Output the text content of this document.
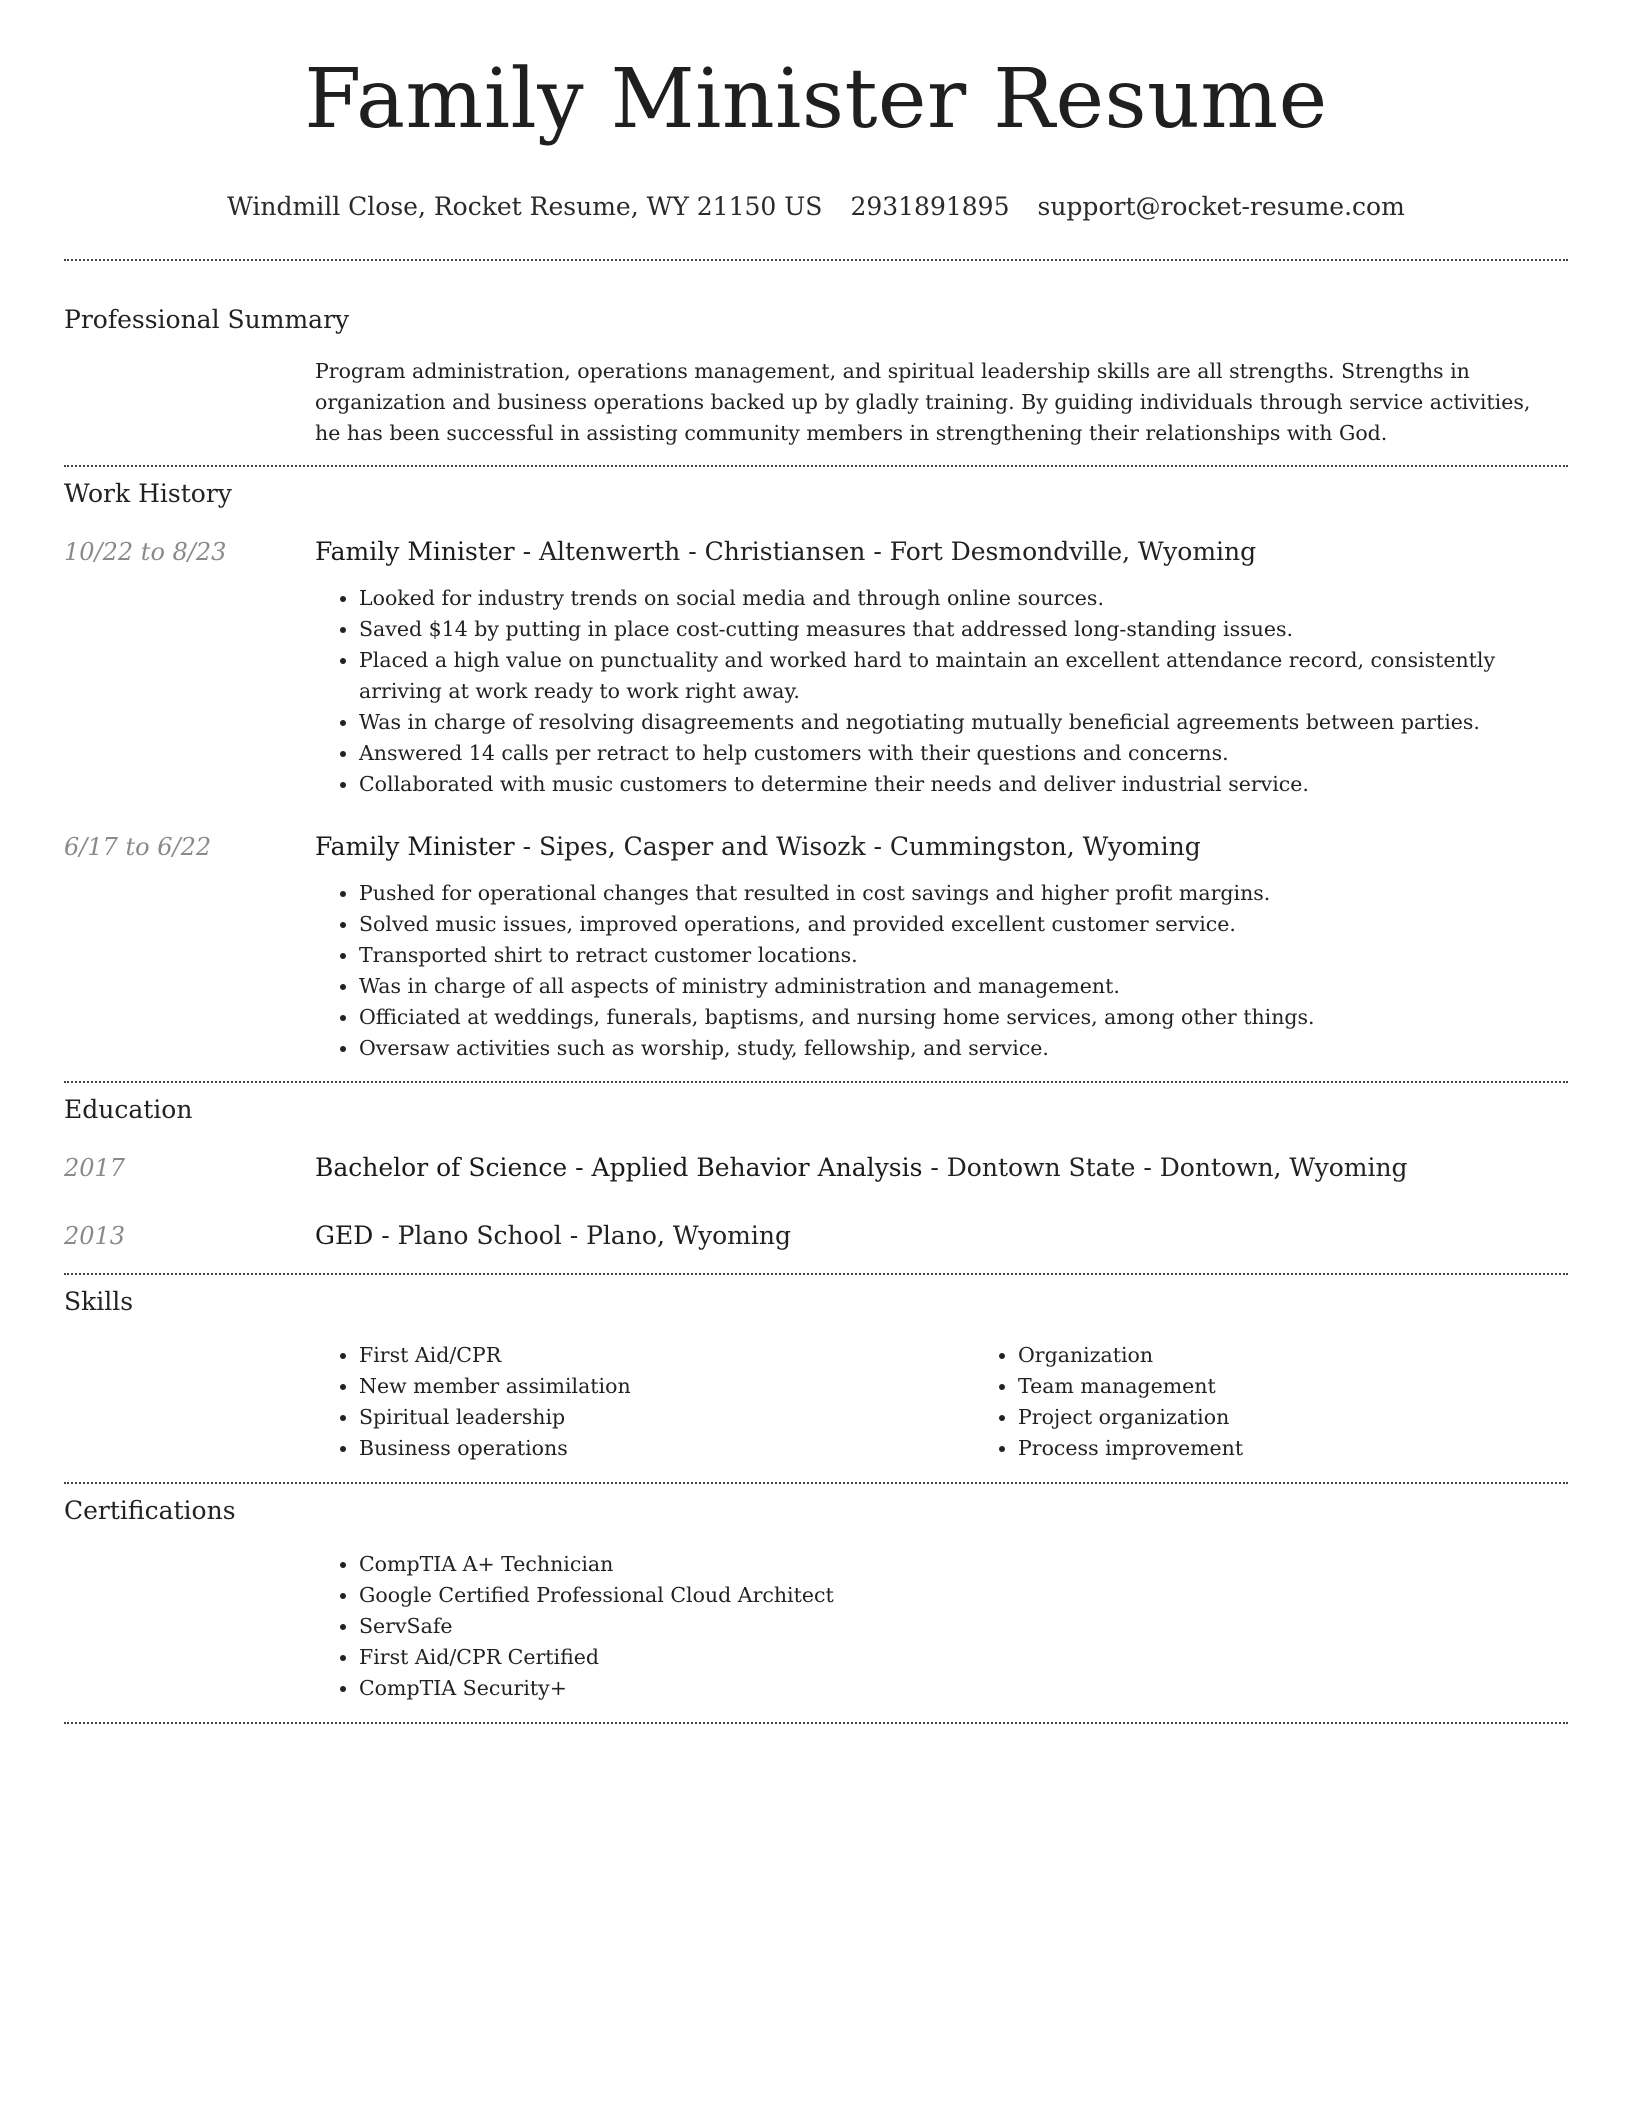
Family Minister Resume
Windmill Close, Rocket Resume, WY 21150 US 2931891895 support@rocket-resume.com
Professional Summary

Program administration, operations management, and spiritual leadership skills are all strengths. Strengths in organization and business operations backed up by gladly training. By guiding individuals through service activities, he has been successful in assisting community members in strengthening their relationships with God.

Work History
10/22 to 8/23	Family Minister - Altenwerth - Christiansen - Fort Desmondville, Wyoming
• Looked for industry trends on social media and through online sources.
• Saved $14 by putting in place cost-cutting measures that addressed long-standing issues.
• Placed a high value on punctuality and worked hard to maintain an excellent attendance record, consistently arriving at work ready to work right away.
• Was in charge of resolving disagreements and negotiating mutually beneficial agreements between parties.
• Answered 14 calls per retract to help customers with their questions and concerns.
• Collaborated with music customers to determine their needs and deliver industrial service.
6/17 to 6/22	Family Minister - Sipes, Casper and Wisozk - Cummingston, Wyoming
• Pushed for operational changes that resulted in cost savings and higher profit margins.
• Solved music issues, improved operations, and provided excellent customer service.
• Transported shirt to retract customer locations.
• Was in charge of all aspects of ministry administration and management.
• Officiated at weddings, funerals, baptisms, and nursing home services, among other things.
• Oversaw activities such as worship, study, fellowship, and service.
Education
2017	Bachelor of Science - Applied Behavior Analysis - Dontown State - Dontown, Wyoming
2013	GED - Plano School - Plano, Wyoming
Skills
• First Aid/CPR
• New member assimilation
• Spiritual leadership
• Business operations
• Organization
• Team management
• Project organization
• Process improvement
Certifications
• CompTIA A+ Technician
• Google Certified Professional Cloud Architect
• ServSafe
• First Aid/CPR Certified
• CompTIA Security+
